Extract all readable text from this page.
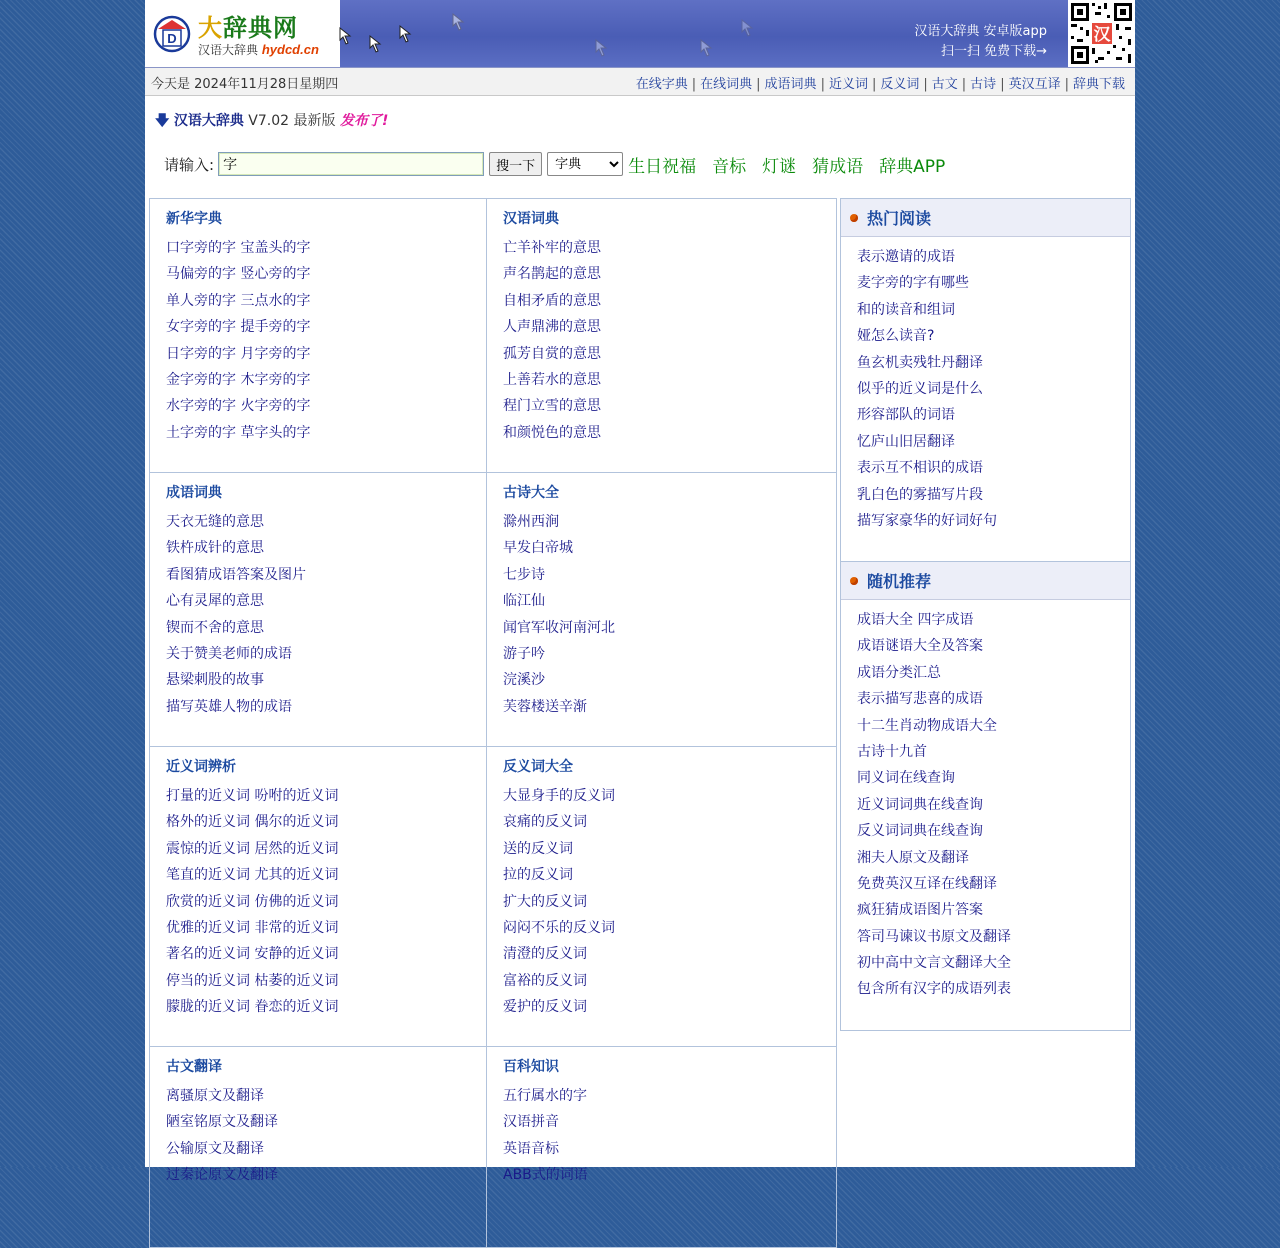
D 大辞典网
汉语大辞典 hydcd.cn
汉语大辞典 安卓版app
扫一扫 免费下载→
汉
今天是 2024年11月28日星期四	在线字典 | 在线词典 | 成语词典 | 近义词 | 反义词 | 古文 | 古诗 | 英汉互译 | 辞典下载
🡇 汉语大辞典 V7.02 最新版 发布了!
请输入:
字	搜一下
字典	生日祝福 音标 灯谜 猜成语 辞典APP
新华字典
口字旁的字 宝盖头的字
马偏旁的字 竖心旁的字
单人旁的字 三点水的字
女字旁的字 提手旁的字
日字旁的字 月字旁的字
金字旁的字 木字旁的字
水字旁的字 火字旁的字
土字旁的字 草字头的字
汉语词典
亡羊补牢的意思
声名鹊起的意思
自相矛盾的意思
人声鼎沸的意思
孤芳自赏的意思
上善若水的意思
程门立雪的意思
和颜悦色的意思
成语词典
天衣无缝的意思
铁杵成针的意思
看图猜成语答案及图片
心有灵犀的意思
锲而不舍的意思
关于赞美老师的成语
悬梁刺股的故事
描写英雄人物的成语
古诗大全
滁州西涧
早发白帝城
七步诗
临江仙
闻官军收河南河北
游子吟
浣溪沙
芙蓉楼送辛渐
近义词辨析
打量的近义词 吩咐的近义词
格外的近义词 偶尔的近义词
震惊的近义词 居然的近义词
笔直的近义词 尤其的近义词
欣赏的近义词 仿佛的近义词
优雅的近义词 非常的近义词
著名的近义词 安静的近义词
停当的近义词 枯萎的近义词
朦胧的近义词 眷恋的近义词
反义词大全
大显身手的反义词
哀痛的反义词
送的反义词
拉的反义词
扩大的反义词
闷闷不乐的反义词
清澄的反义词
富裕的反义词
爱护的反义词
古文翻译
离骚原文及翻译
陋室铭原文及翻译
公输原文及翻译
过秦论原文及翻译
百科知识
五行属水的字
汉语拼音
英语音标
ABB式的词语
热门阅读
表示邀请的成语
麦字旁的字有哪些
和的读音和组词
娅怎么读音?
鱼玄机卖残牡丹翻译
似乎的近义词是什么
形容部队的词语
忆庐山旧居翻译
表示互不相识的成语
乳白色的雾描写片段
描写家豪华的好词好句
随机推荐
成语大全 四字成语
成语谜语大全及答案
成语分类汇总
表示描写悲喜的成语
十二生肖动物成语大全
古诗十九首
同义词在线查询
近义词词典在线查询
反义词词典在线查询
湘夫人原文及翻译
免费英汉互译在线翻译
疯狂猜成语图片答案
答司马谏议书原文及翻译
初中高中文言文翻译大全
包含所有汉字的成语列表
